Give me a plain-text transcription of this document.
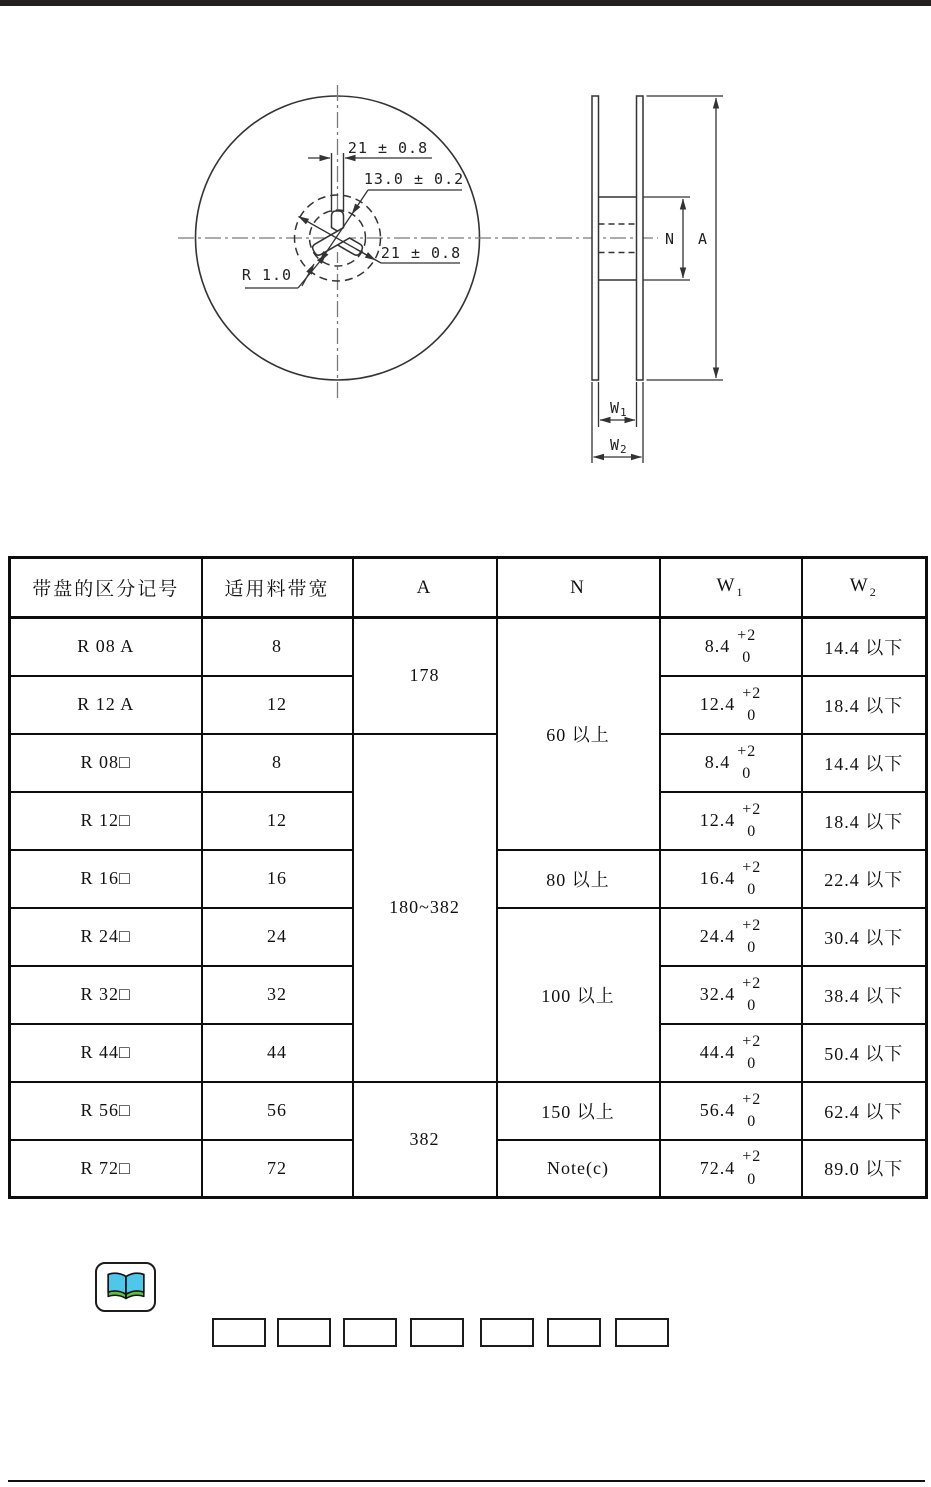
21 ± 0.8
13.0 ± 0.2
21 ± 0.8
R 1.0
N A
$W_1$
$W_2$
带盘的区分记号	适用料带宽	A	N	$W_1$	$W_2$
R 08 A	8	178	60 以上	8.4
+2
0	14.4 以下
R 12 A	12			12.4
+2
0	18.4 以下
R 08□	8	180~382		8.4
+2
0	14.4 以下
R 12□	12			12.4
+2
0	18.4 以下
R 16□	16		80 以上	16.4
+2
0	22.4 以下
R 24□	24		100 以上	24.4
+2
0	30.4 以下
R 32□	32			32.4
+2
0	38.4 以下
R 44□	44			44.4
+2
0	50.4 以下
R 56□	56	382	150 以上	56.4
+2
0	62.4 以下
R 72□	72		Note(c)	72.4
+2
0	89.0 以下
